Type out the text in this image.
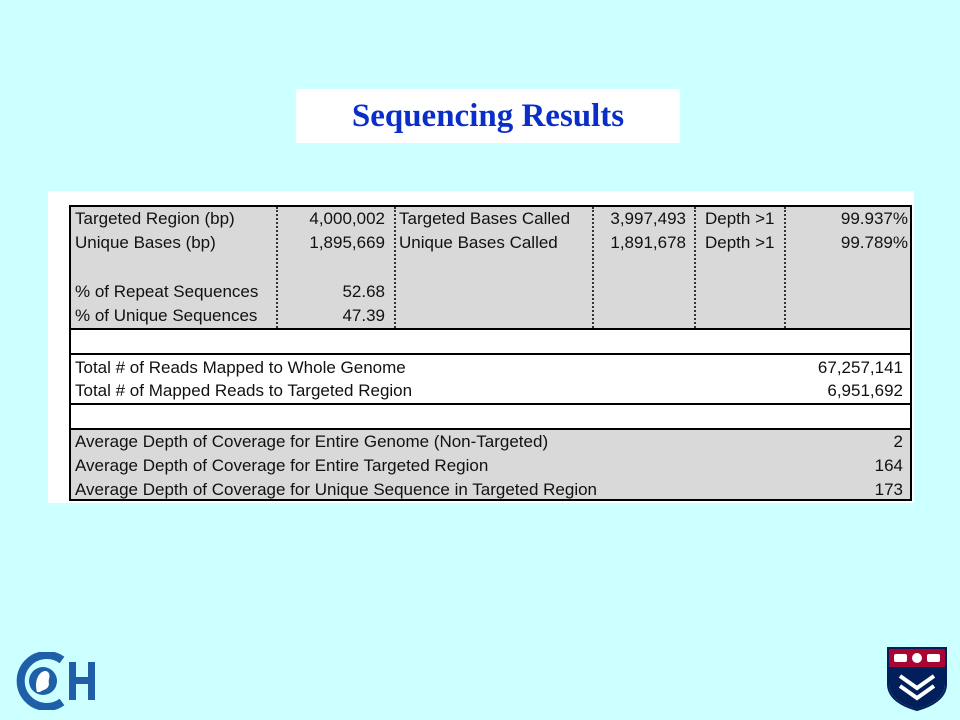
Sequencing Results
Targeted Region (bp)	4,000,002 Targeted Bases Called	3,997,493 Depth >1	99.937%
Unique Bases (bp)	1,895,669 Unique Bases Called	1,891,678 Depth >1	99.789%
% of Repeat Sequences	52.68
% of Unique Sequences	47.39
Total # of Reads Mapped to Whole Genome	67,257,141
Total # of Mapped Reads to Targeted Region	6,951,692
Average Depth of Coverage for Entire Genome (Non-Targeted)	2
Average Depth of Coverage for Entire Targeted Region	164
Average Depth of Coverage for Unique Sequence in Targeted Region	173
